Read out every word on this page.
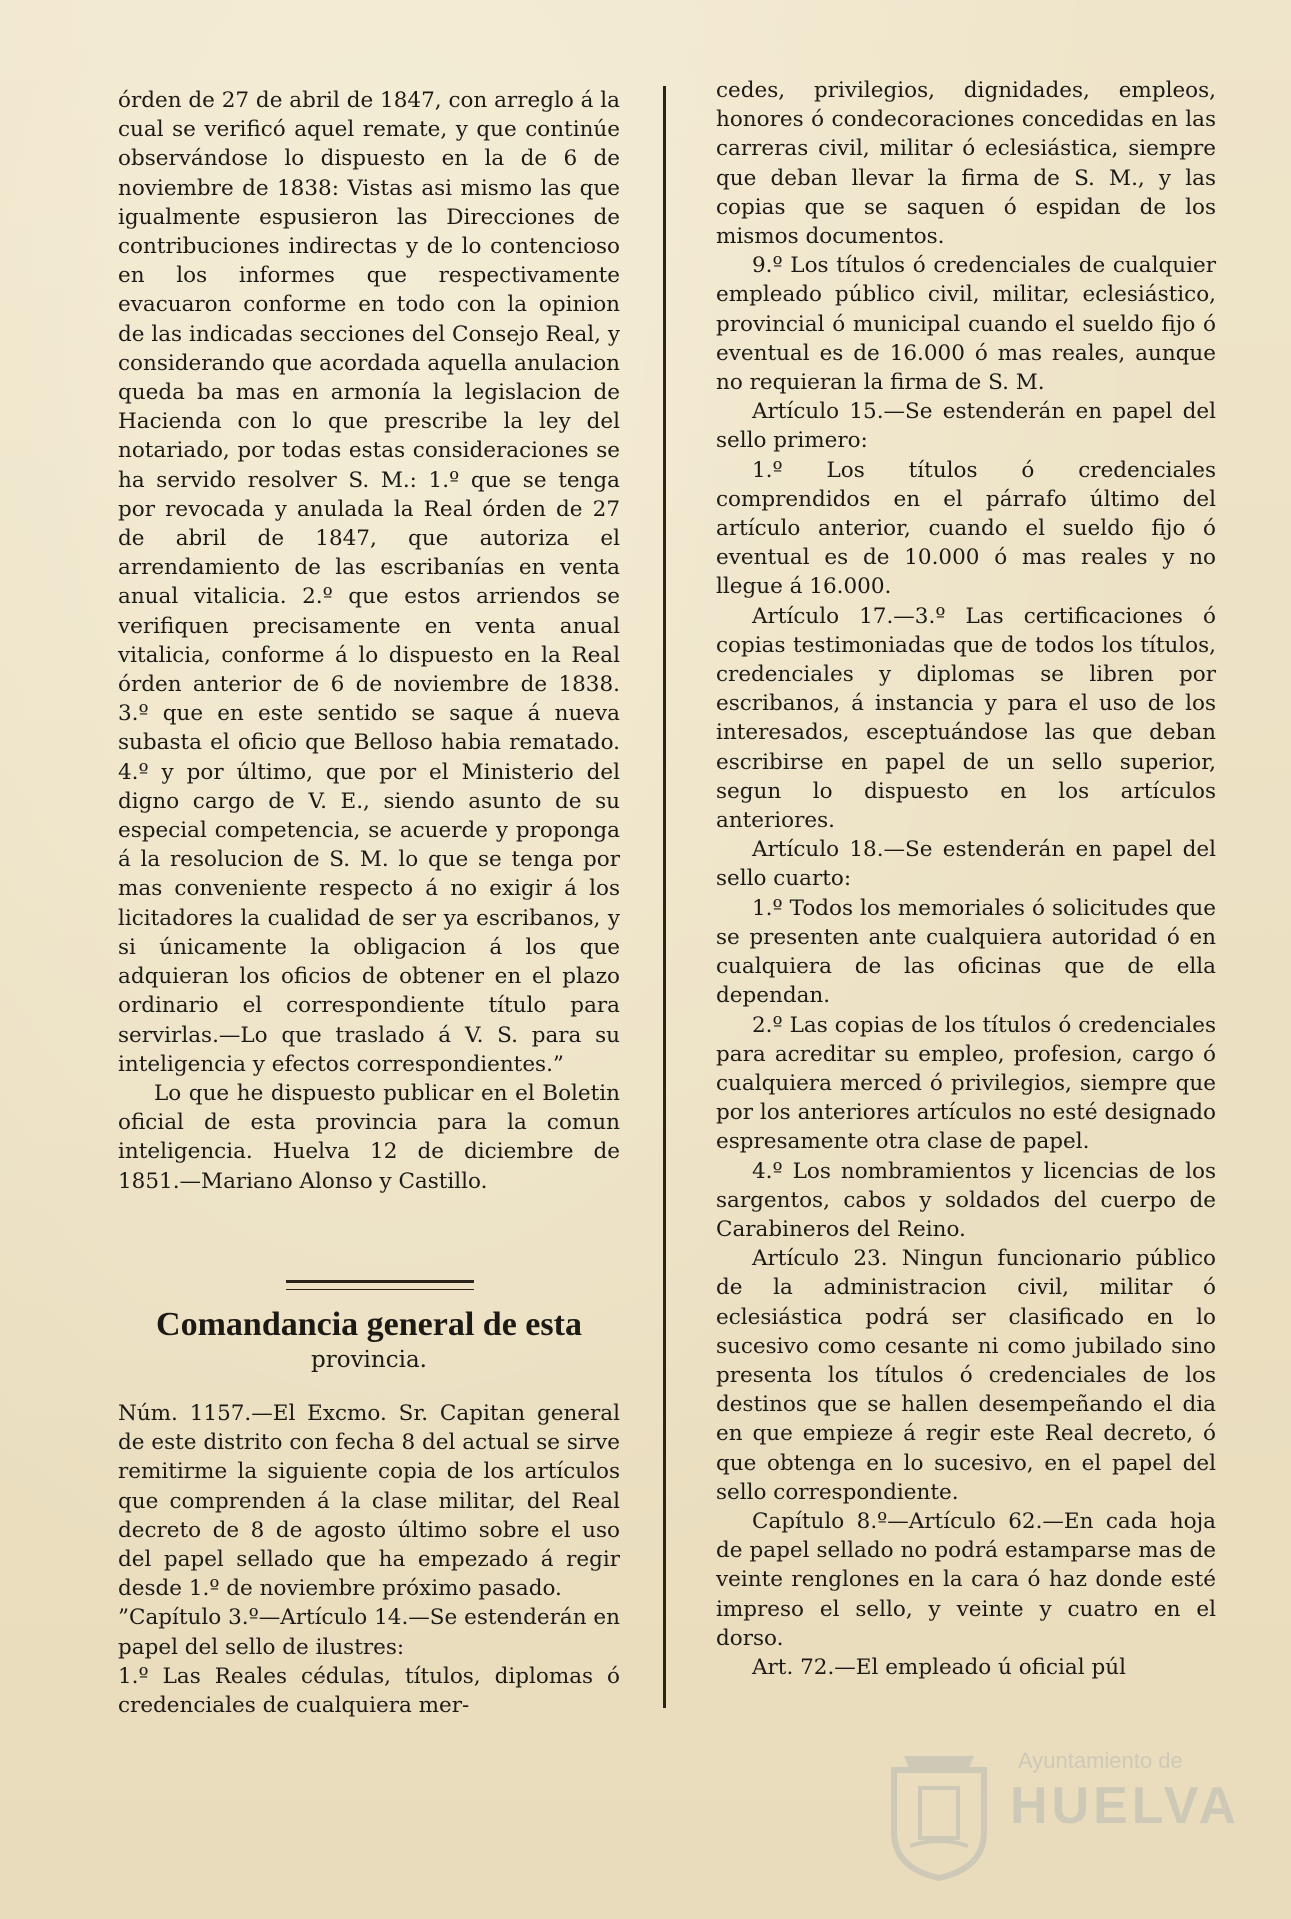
órden de 27 de abril de 1847, con arreglo á la cual se verificó aquel remate, y que continúe observándose lo dispuesto en la de 6 de noviembre de 1838: Vistas asi mismo las que igualmente espusieron las Direcciones de contribuciones indirectas y de lo contencioso en los informes que respectivamente evacuaron conforme en todo con la opinion de las indicadas secciones del Consejo Real, y considerando que acordada aquella anulacion queda ba mas en armonía la legislacion de Hacienda con lo que prescribe la ley del notariado, por todas estas consideraciones se ha servido resolver S. M.: 1.º que se tenga por revocada y anulada la Real órden de 27 de abril de 1847, que autoriza el arrendamiento de las escribanías en venta anual vitalicia. 2.º que estos arriendos se verifiquen precisamente en venta anual vitalicia, conforme á lo dispuesto en la Real órden anterior de 6 de noviembre de 1838. 3.º que en este sentido se saque á nueva subasta el oficio que Belloso habia rematado. 4.º y por último, que por el Ministerio del digno cargo de V. E., siendo asunto de su especial competencia, se acuerde y proponga á la resolucion de S. M. lo que se tenga por mas conveniente respecto á no exigir á los licitadores la cualidad de ser ya escribanos, y si únicamente la obligacion á los que adquieran los oficios de obtener en el plazo ordinario el correspondiente título para servirlas.—Lo que traslado á V. S. para su inteligencia y efectos correspondientes.”

Lo que he dispuesto publicar en el Boletin oficial de esta provincia para la comun inteligencia. Huelva 12 de diciembre de 1851.—Mariano Alonso y Castillo.

Comandancia general de esta
provincia.

Núm. 1157.—El Excmo. Sr. Capitan general de este distrito con fecha 8 del actual se sirve remitirme la siguiente copia de los artículos que comprenden á la clase militar, del Real decreto de 8 de agosto último sobre el uso del papel sellado que ha empezado á regir desde 1.º de noviembre próximo pasado.

”Capítulo 3.º—Artículo 14.—Se estenderán en papel del sello de ilustres:

1.º Las Reales cédulas, títulos, diplomas ó credenciales de cualquiera mer-

cedes, privilegios, dignidades, empleos, honores ó condecoraciones concedidas en las carreras civil, militar ó eclesiástica, siempre que deban llevar la firma de S. M., y las copias que se saquen ó espidan de los mismos documentos.

9.º Los títulos ó credenciales de cualquier empleado público civil, militar, eclesiástico, provincial ó municipal cuando el sueldo fijo ó eventual es de 16.000 ó mas reales, aunque no requieran la firma de S. M.

Artículo 15.—Se estenderán en papel del sello primero:

1.º Los títulos ó credenciales comprendidos en el párrafo último del artículo anterior, cuando el sueldo fijo ó eventual es de 10.000 ó mas reales y no llegue á 16.000.

Artículo 17.—3.º Las certificaciones ó copias testimoniadas que de todos los títulos, credenciales y diplomas se libren por escribanos, á instancia y para el uso de los interesados, esceptuándose las que deban escribirse en papel de un sello superior, segun lo dispuesto en los artículos anteriores.

Artículo 18.—Se estenderán en papel del sello cuarto:

1.º Todos los memoriales ó solicitudes que se presenten ante cualquiera autoridad ó en cualquiera de las oficinas que de ella dependan.

2.º Las copias de los títulos ó credenciales para acreditar su empleo, profesion, cargo ó cualquiera merced ó privilegios, siempre que por los anteriores artículos no esté designado espresamente otra clase de papel.

4.º Los nombramientos y licencias de los sargentos, cabos y soldados del cuerpo de Carabineros del Reino.

Artículo 23. Ningun funcionario público de la administracion civil, militar ó eclesiástica podrá ser clasificado en lo sucesivo como cesante ni como jubilado sino presenta los títulos ó credenciales de los destinos que se hallen desempeñando el dia en que empieze á regir este Real decreto, ó que obtenga en lo sucesivo, en el papel del sello correspondiente.

Capítulo 8.º—Artículo 62.—En cada hoja de papel sellado no podrá estamparse mas de veinte renglones en la cara ó haz donde esté impreso el sello, y veinte y cuatro en el dorso.

Art. 72.—El empleado ú oficial púl

Ayuntamiento de
HUELVA
